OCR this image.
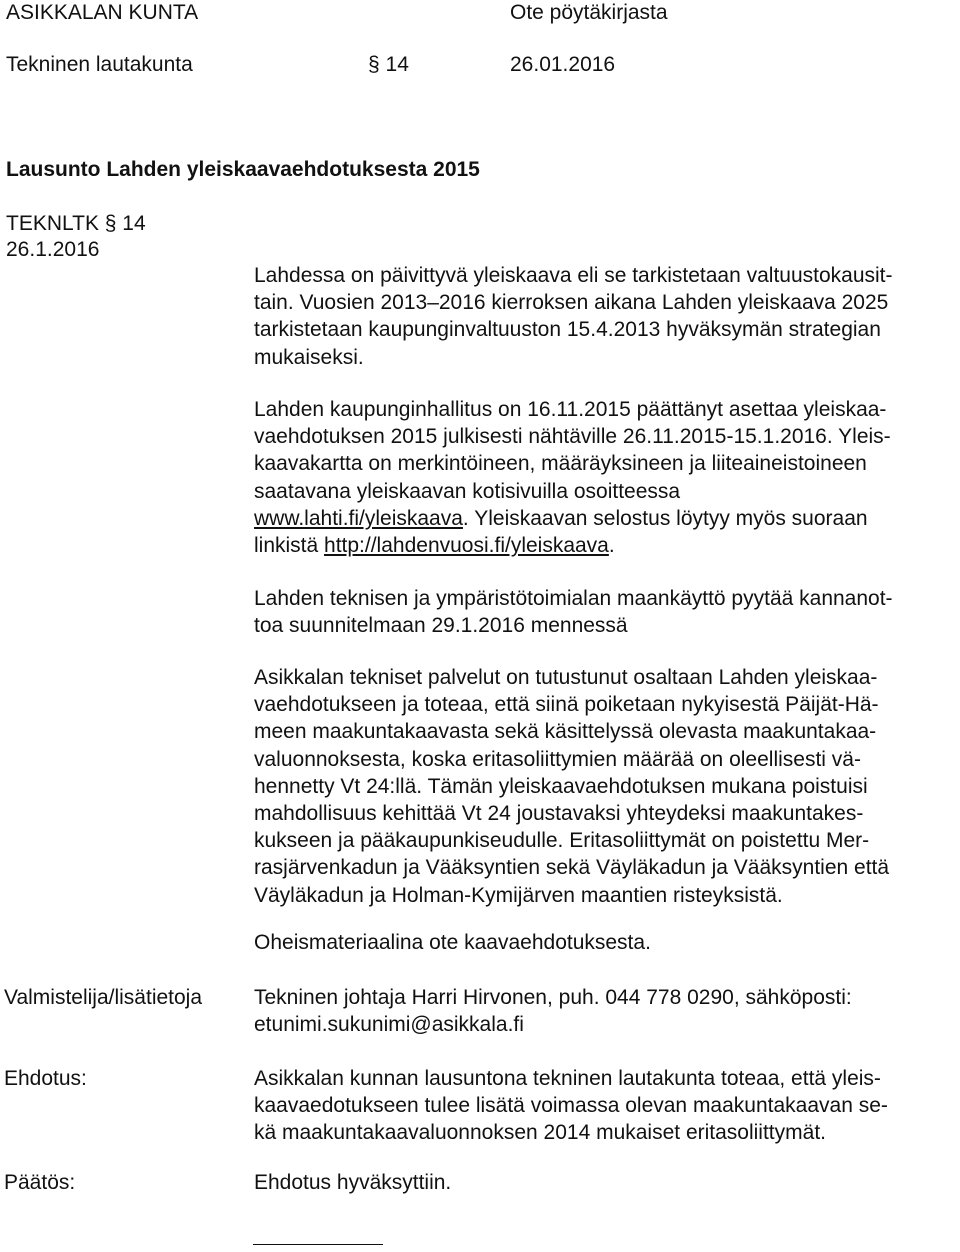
ASIKKALAN KUNTA	Ote pöytäkirjasta
Tekninen lautakunta	§ 14	26.01.2016
Lausunto Lahden yleiskaavaehdotuksesta 2015
TEKNLTK § 14
26.1.2016
Lahdessa on päivittyvä yleiskaava eli se tarkistetaan valtuustokausit-
tain. Vuosien 2013–2016 kierroksen aikana Lahden yleiskaava 2025
tarkistetaan kaupunginvaltuuston 15.4.2013 hyväksymän strategian
mukaiseksi.
Lahden kaupunginhallitus on 16.11.2015 päättänyt asettaa yleiskaa-
vaehdotuksen 2015 julkisesti nähtäville 26.11.2015-15.1.2016. Yleis-
kaavakartta on merkintöineen, määräyksineen ja liiteaineistoineen
saatavana yleiskaavan kotisivuilla osoitteessa
www.lahti.fi/yleiskaava. Yleiskaavan selostus löytyy myös suoraan
linkistä http://lahdenvuosi.fi/yleiskaava.
Lahden teknisen ja ympäristötoimialan maankäyttö pyytää kannanot-
toa suunnitelmaan 29.1.2016 mennessä
Asikkalan tekniset palvelut on tutustunut osaltaan Lahden yleiskaa-
vaehdotukseen ja toteaa, että siinä poiketaan nykyisestä Päijät-Hä-
meen maakuntakaavasta sekä käsittelyssä olevasta maakuntakaa-
valuonnoksesta, koska eritasoliittymien määrää on oleellisesti vä-
hennetty Vt 24:llä. Tämän yleiskaavaehdotuksen mukana poistuisi
mahdollisuus kehittää Vt 24 joustavaksi yhteydeksi maakuntakes-
kukseen ja pääkaupunkiseudulle. Eritasoliittymät on poistettu Mer-
rasjärvenkadun ja Vääksyntien sekä Väyläkadun ja Vääksyntien että
Väyläkadun ja Holman-Kymijärven maantien risteyksistä.
Oheismateriaalina ote kaavaehdotuksesta.
Valmistelija/lisätietoja Tekninen johtaja Harri Hirvonen, puh. 044 778 0290, sähköposti:
etunimi.sukunimi@asikkala.fi
Ehdotus:	Asikkalan kunnan lausuntona tekninen lautakunta toteaa, että yleis-
kaavaedotukseen tulee lisätä voimassa olevan maakuntakaavan se-
kä maakuntakaavaluonnoksen 2014 mukaiset eritasoliittymät.
Päätös:	Ehdotus hyväksyttiin.
